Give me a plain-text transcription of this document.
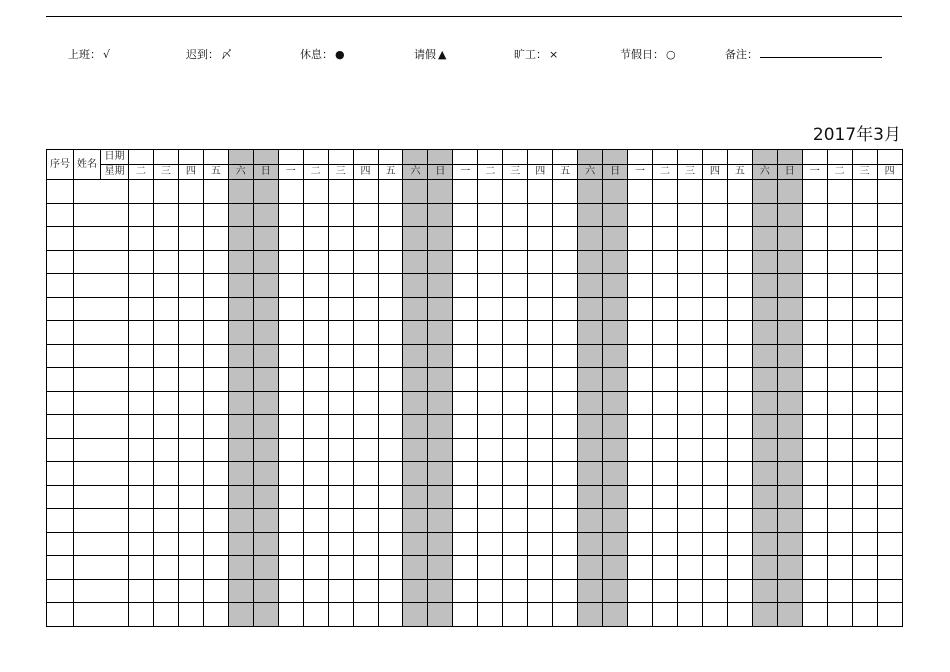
上班： √	迟到： 〆	休息： ●	请假 ▲	旷工： ×	节假日： ○	备注：
2017年3月
序号	姓名	日期																															
		星期	二	三	四	五	六	日	一	二	三	四	五	六	日	一	二	三	四	五	六	日	一	二	三	四	五	六	日	一	二	三	四
